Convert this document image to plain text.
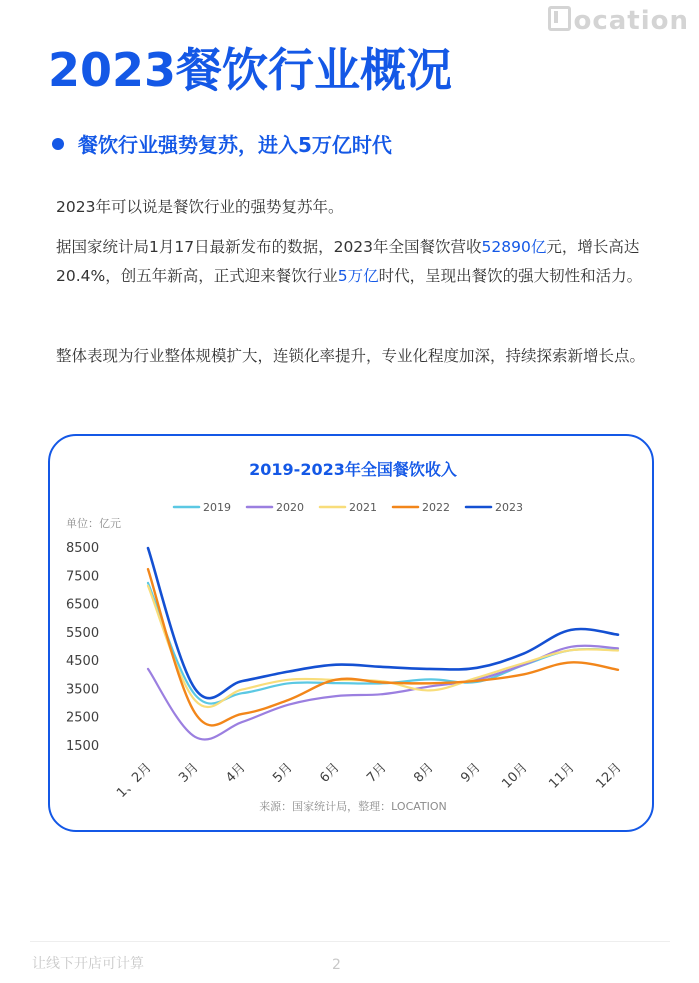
ocation
2023餐饮行业概况
餐饮行业强势复苏，进入5万亿时代

2023年可以说是餐饮行业的强势复苏年。

据国家统计局1月17日最新发布的数据，2023年全国餐饮营收52890亿元，增长高达20.4%，创五年新高，正式迎来餐饮行业5万亿时代，呈现出餐饮的强大韧性和活力。

整体表现为行业整体规模扩大，连锁化率提升，专业化程度加深，持续探索新增长点。

2019-2023年全国餐饮收入
2019	2020	2021	2022	2023
单位：亿元
1500
2500
3500
4500
5500
6500
7500
8500
1、2月 3月 4月 5月 6月 7月 8月 9月 10月 11月 12月
来源：国家统计局，整理：LOCATION
让线下开店可计算	2
